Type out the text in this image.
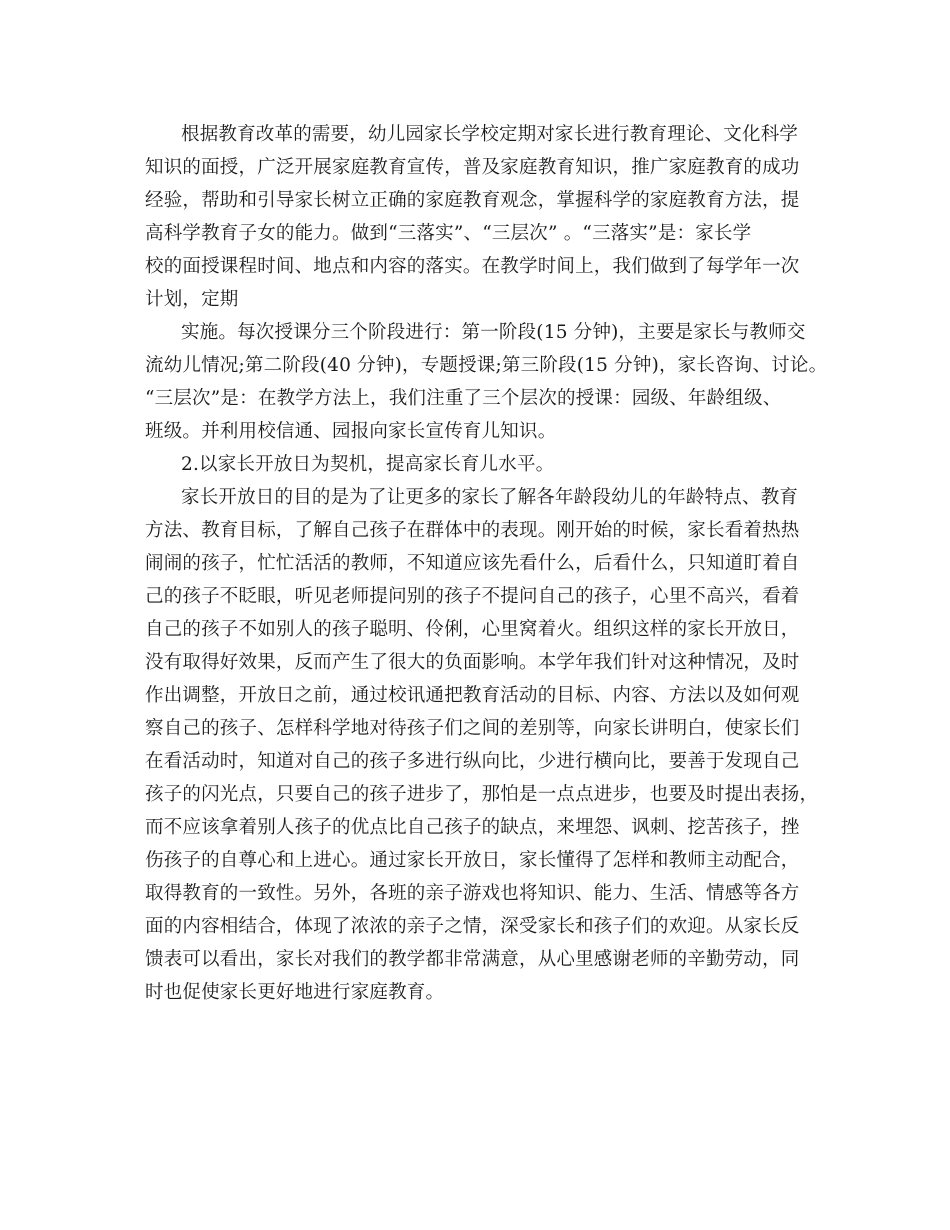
根据教育改革的需要，幼儿园家长学校定期对家长进行教育理论、文化科学
知识的面授，广泛开展家庭教育宣传，普及家庭教育知识，推广家庭教育的成功
经验，帮助和引导家长树立正确的家庭教育观念，掌握科学的家庭教育方法，提
高科学教育子女的能力。做到“三落实”、“三层次” 。“三落实”是：家长学
校的面授课程时间、地点和内容的落实。在教学时间上，我们做到了每学年一次
计划，定期
实施。每次授课分三个阶段进行：第一阶段(15 分钟)，主要是家长与教师交
流幼儿情况;第二阶段(40 分钟)，专题授课;第三阶段(15 分钟)，家长咨询、讨论。
“三层次”是：在教学方法上，我们注重了三个层次的授课：园级、年龄组级、
班级。并利用校信通、园报向家长宣传育儿知识。
2.以家长开放日为契机，提高家长育儿水平。
家长开放日的目的是为了让更多的家长了解各年龄段幼儿的年龄特点、教育
方法、教育目标，了解自己孩子在群体中的表现。刚开始的时候，家长看着热热
闹闹的孩子，忙忙活活的教师，不知道应该先看什么，后看什么，只知道盯着自
己的孩子不眨眼，听见老师提问别的孩子不提问自己的孩子，心里不高兴，看着
自己的孩子不如别人的孩子聪明、伶俐，心里窝着火。组织这样的家长开放日，
没有取得好效果，反而产生了很大的负面影响。本学年我们针对这种情况，及时
作出调整，开放日之前，通过校讯通把教育活动的目标、内容、方法以及如何观
察自己的孩子、怎样科学地对待孩子们之间的差别等，向家长讲明白，使家长们
在看活动时，知道对自己的孩子多进行纵向比，少进行横向比，要善于发现自己
孩子的闪光点，只要自己的孩子进步了，那怕是一点点进步，也要及时提出表扬，
而不应该拿着别人孩子的优点比自己孩子的缺点，来埋怨、讽刺、挖苦孩子，挫
伤孩子的自尊心和上进心。通过家长开放日，家长懂得了怎样和教师主动配合，
取得教育的一致性。另外，各班的亲子游戏也将知识、能力、生活、情感等各方
面的内容相结合，体现了浓浓的亲子之情，深受家长和孩子们的欢迎。从家长反
馈表可以看出，家长对我们的教学都非常满意，从心里感谢老师的辛勤劳动，同
时也促使家长更好地进行家庭教育。
